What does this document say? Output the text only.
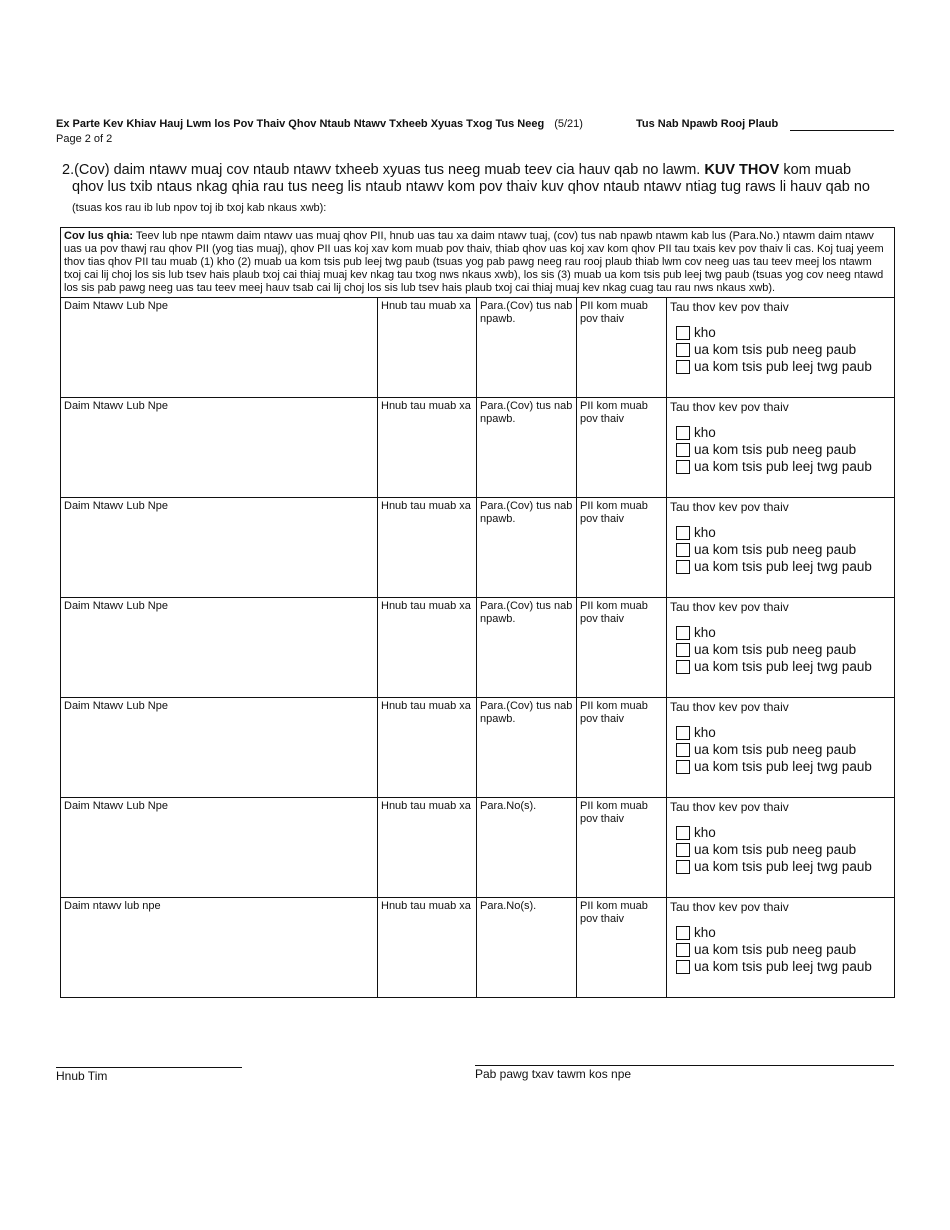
Ex Parte Kev Khiav Hauj Lwm los Pov Thaiv Qhov Ntaub Ntawv Txheeb Xyuas Txog Tus Neeg (5/21)
Page 2 of 2
Tus Nab Npawb Rooj Plaub
2.(Cov) daim ntawv muaj cov ntaub ntawv txheeb xyuas tus neeg muab teev cia hauv qab no lawm. KUV THOV kom muab
qhov lus txib ntaus nkag qhia rau tus neeg lis ntaub ntawv kom pov thaiv kuv qhov ntaub ntawv ntiag tug raws li hauv qab no
(tsuas kos rau ib lub npov toj ib txoj kab nkaus xwb):
Cov lus qhia: Teev lub npe ntawm daim ntawv uas muaj qhov PII, hnub uas tau xa daim ntawv tuaj, (cov) tus nab npawb ntawm kab lus (Para.No.) ntawm daim ntawv uas ua pov thawj rau qhov PII (yog tias muaj), qhov PII uas koj xav kom muab pov thaiv, thiab qhov uas koj xav kom qhov PII tau txais kev pov thaiv li cas. Koj tuaj yeem thov tias qhov PII tau muab (1) kho (2) muab ua kom tsis pub leej twg paub (tsuas yog pab pawg neeg rau rooj plaub thiab lwm cov neeg uas tau teev meej los ntawm txoj cai lij choj los sis lub tsev hais plaub txoj cai thiaj muaj kev nkag tau txog nws nkaus xwb), los sis (3) muab ua kom tsis pub leej twg paub (tsuas yog cov neeg ntawd los sis pab pawg neeg uas tau teev meej hauv tsab cai lij choj los sis lub tsev hais plaub txoj cai thiaj muaj kev nkag cuag tau rau nws nkaus xwb).				
Daim Ntawv Lub Npe	Hnub tau muab xa	Para.(Cov) tus nab npawb.	PII kom muab pov thaiv	Tau thov kev pov thaiv
kho
ua kom tsis pub neeg paub
ua kom tsis pub leej twg paub

Daim Ntawv Lub Npe	Hnub tau muab xa	Para.(Cov) tus nab npawb.	PII kom muab pov thaiv	Tau thov kev pov thaiv
kho
ua kom tsis pub neeg paub
ua kom tsis pub leej twg paub

Daim Ntawv Lub Npe	Hnub tau muab xa	Para.(Cov) tus nab npawb.	PII kom muab pov thaiv	Tau thov kev pov thaiv
kho
ua kom tsis pub neeg paub
ua kom tsis pub leej twg paub

Daim Ntawv Lub Npe	Hnub tau muab xa	Para.(Cov) tus nab npawb.	PII kom muab pov thaiv	Tau thov kev pov thaiv
kho
ua kom tsis pub neeg paub
ua kom tsis pub leej twg paub

Daim Ntawv Lub Npe	Hnub tau muab xa	Para.(Cov) tus nab npawb.	PII kom muab pov thaiv	Tau thov kev pov thaiv
kho
ua kom tsis pub neeg paub
ua kom tsis pub leej twg paub

Daim Ntawv Lub Npe	Hnub tau muab xa	Para.No(s).	PII kom muab pov thaiv	Tau thov kev pov thaiv
kho
ua kom tsis pub neeg paub
ua kom tsis pub leej twg paub

Daim ntawv lub npe	Hnub tau muab xa	Para.No(s).	PII kom muab pov thaiv	Tau thov kev pov thaiv
kho
ua kom tsis pub neeg paub
ua kom tsis pub leej twg paub
Hnub Tim	Pab pawg txav tawm kos npe
